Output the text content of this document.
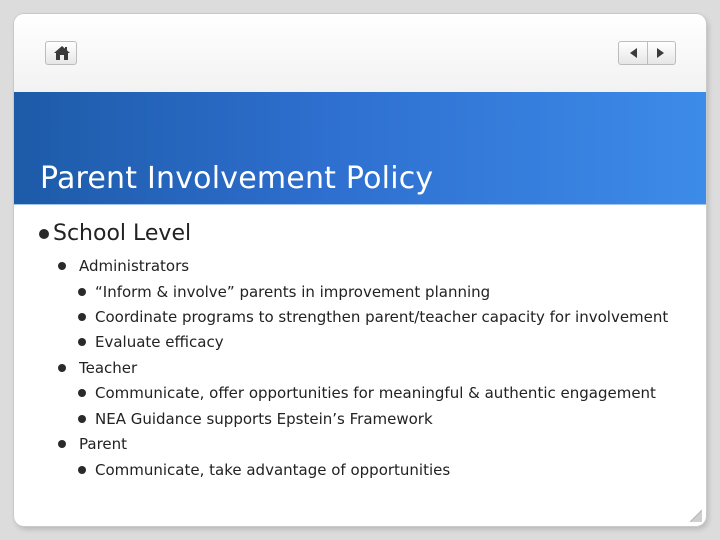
Parent Involvement Policy
School Level
Administrators
“Inform & involve” parents in improvement planning
Coordinate programs to strengthen parent/teacher capacity for involvement
Evaluate efficacy
Teacher
Communicate, offer opportunities for meaningful & authentic engagement
NEA Guidance supports Epstein’s Framework
Parent
Communicate, take advantage of opportunities
